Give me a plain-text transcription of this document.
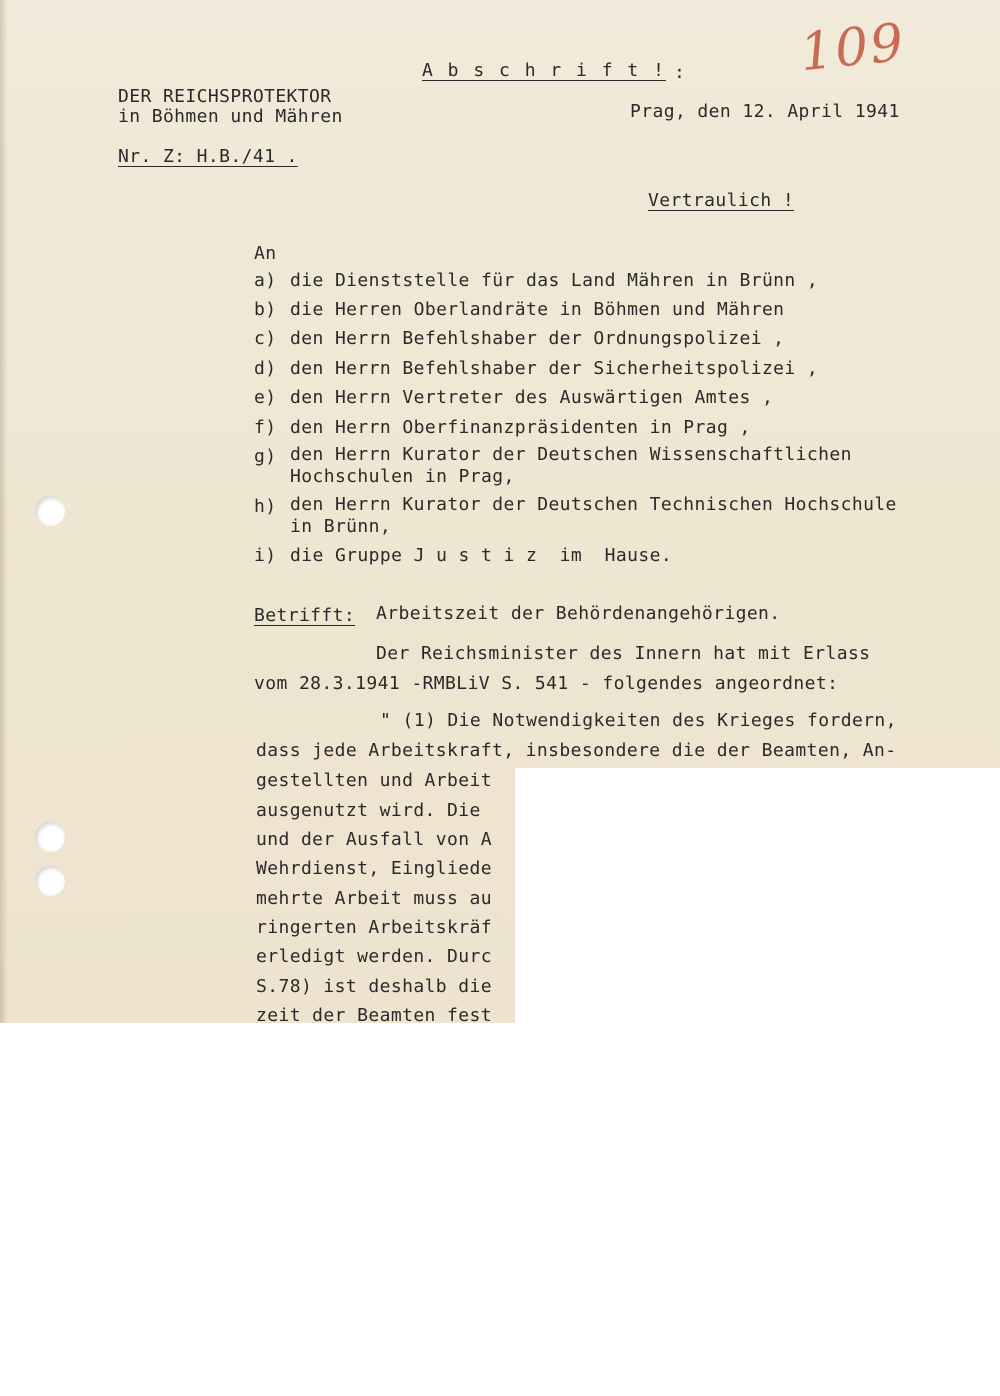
109
A b s c h r i f t ! :
DER REICHSPROTEKTOR
in Böhmen und Mähren	Prag, den 12. April 1941
Nr. Z: H.B./41 .
Vertraulich !
An
a) die Dienststelle für das Land Mähren in Brünn ,
b) die Herren Oberlandräte in Böhmen und Mähren
c) den Herrn Befehlshaber der Ordnungspolizei ,
d) den Herrn Befehlshaber der Sicherheitspolizei ,
e) den Herrn Vertreter des Auswärtigen Amtes ,
f) den Herrn Oberfinanzpräsidenten in Prag ,
g) den Herrn Kurator der Deutschen Wissenschaftlichen
Hochschulen in Prag,
h) den Herrn Kurator der Deutschen Technischen Hochschule
in Brünn,
i) die Gruppe J u s t i z  im  Hause.
Betrifft: Arbeitszeit der Behördenangehörigen.
Der Reichsminister des Innern hat mit Erlass
vom 28.3.1941 -RMBLiV S. 541 - folgendes angeordnet:
" (1) Die Notwendigkeiten des Krieges fordern,
dass jede Arbeitskraft, insbesondere die der Beamten, An-
gestellten und Arbeit
ausgenutzt wird. Die
und der Ausfall von A
Wehrdienst, Eingliede
mehrte Arbeit muss au
ringerten Arbeitskräf
erledigt werden. Durc
S.78) ist deshalb die
zeit der Beamten fest
